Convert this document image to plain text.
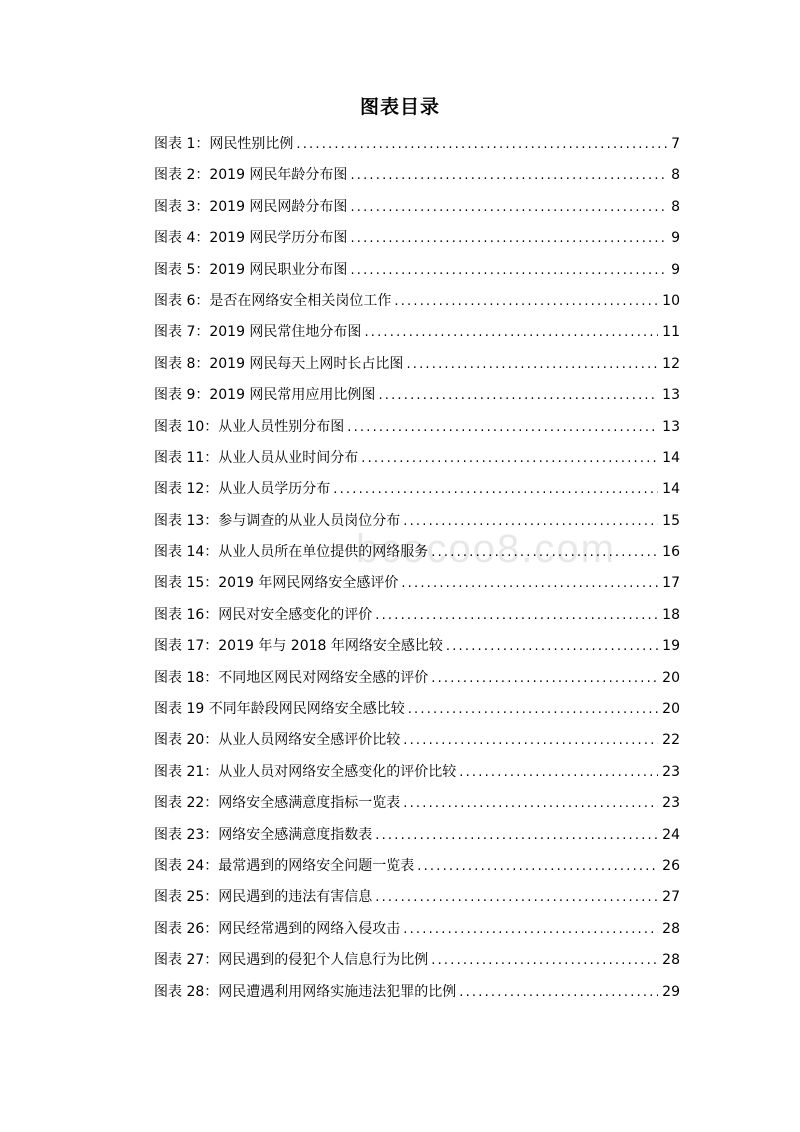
图表目录
bcocoo8.com
图表 1：网民性别比例 .....	7
图表 2：2019 网民年龄分布图 .....	8
图表 3：2019 网民网龄分布图 .....	8
图表 4：2019 网民学历分布图 .....	9
图表 5：2019 网民职业分布图 .....	9
图表 6：是否在网络安全相关岗位工作 .....	10
图表 7：2019 网民常住地分布图 .....	11
图表 8：2019 网民每天上网时长占比图 .....	12
图表 9：2019 网民常用应用比例图 .....	13
图表 10：从业人员性别分布图 .....	13
图表 11：从业人员从业时间分布 .....	14
图表 12：从业人员学历分布 .....	14
图表 13：参与调查的从业人员岗位分布 .....	15
图表 14：从业人员所在单位提供的网络服务 .....	16
图表 15：2019 年网民网络安全感评价 .....	17
图表 16：网民对安全感变化的评价 .....	18
图表 17：2019 年与 2018 年网络安全感比较 .....	19
图表 18：不同地区网民对网络安全感的评价 .....	20
图表 19 不同年龄段网民网络安全感比较 .....	20
图表 20：从业人员网络安全感评价比较 .....	22
图表 21：从业人员对网络安全感变化的评价比较 .....	23
图表 22：网络安全感满意度指标一览表 .....	23
图表 23：网络安全感满意度指数表 .....	24
图表 24：最常遇到的网络安全问题一览表 .....	26
图表 25：网民遇到的违法有害信息 .....	27
图表 26：网民经常遇到的网络入侵攻击 .....	28
图表 27：网民遇到的侵犯个人信息行为比例 .....	28
图表 28：网民遭遇利用网络实施违法犯罪的比例 .....	29
